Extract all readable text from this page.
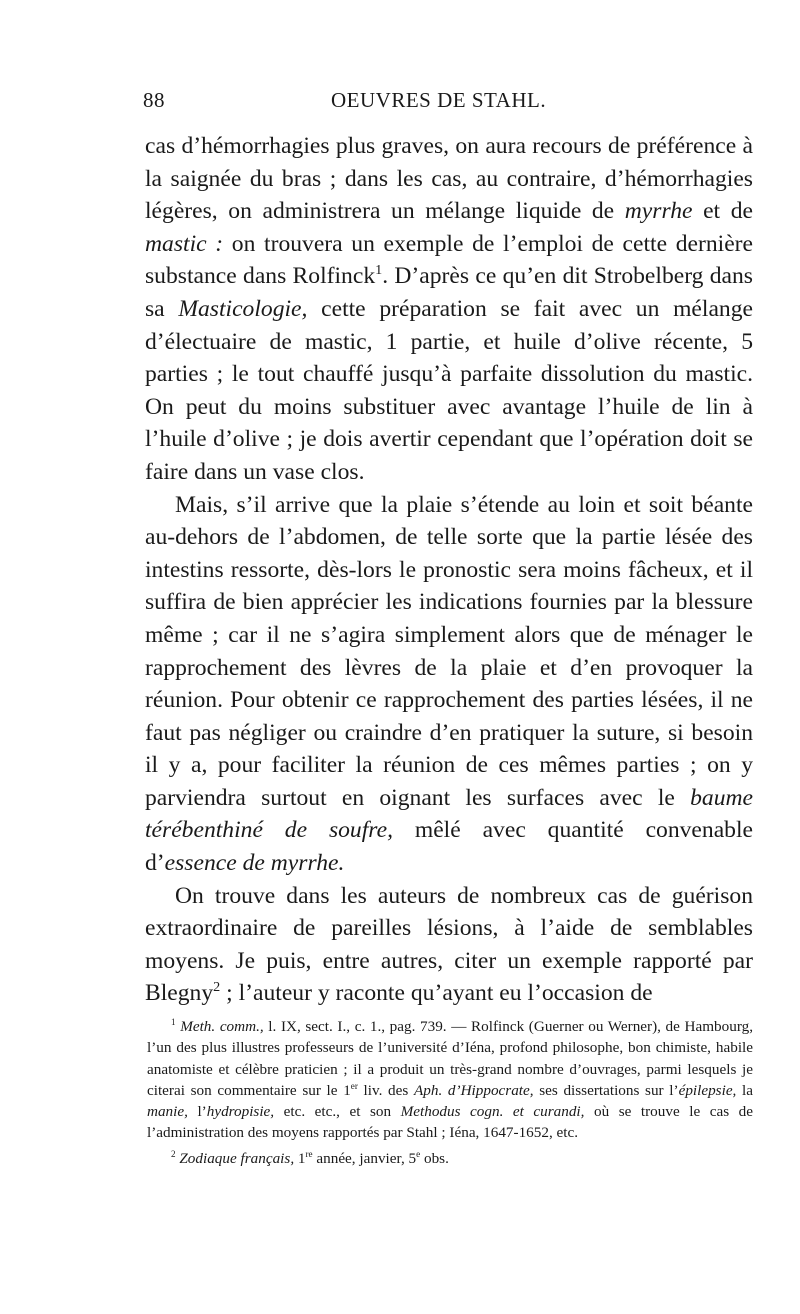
88	OEUVRES DE STAHL.

cas d’hémorrhagies plus graves, on aura recours de préférence à la saignée du bras ; dans les cas, au contraire, d’hémorrhagies légères, on administrera un mélange liquide de myrrhe et de mastic : on trouvera un exemple de l’emploi de cette dernière substance dans Rolfinck$^1$. D’après ce qu’en dit Strobelberg dans sa Masticologie, cette préparation se fait avec un mélange d’électuaire de mastic, 1 partie, et huile d’olive récente, 5 parties ; le tout chauffé jusqu’à parfaite dissolution du mastic. On peut du moins substituer avec avantage l’huile de lin à l’huile d’olive ; je dois avertir cependant que l’opération doit se faire dans un vase clos.

Mais, s’il arrive que la plaie s’étende au loin et soit béante au-dehors de l’abdomen, de telle sorte que la partie lésée des intestins ressorte, dès-lors le pronostic sera moins fâcheux, et il suffira de bien apprécier les indications fournies par la blessure même ; car il ne s’agira simplement alors que de ménager le rapprochement des lèvres de la plaie et d’en provoquer la réunion. Pour obtenir ce rapprochement des parties lésées, il ne faut pas négliger ou craindre d’en pratiquer la suture, si besoin il y a, pour faciliter la réunion de ces mêmes parties ; on y parviendra surtout en oignant les surfaces avec le baume térébenthiné de soufre, mêlé avec quantité convenable d’essence de myrrhe.

On trouve dans les auteurs de nombreux cas de guérison extraordinaire de pareilles lésions, à l’aide de semblables moyens. Je puis, entre autres, citer un exemple rapporté par Blegny$^2$ ; l’auteur y raconte qu’ayant eu l’occasion de

$^1$ Meth. comm., l. IX, sect. I., c. 1., pag. 739. — Rolfinck (Guerner ou Werner), de Hambourg, l’un des plus illustres professeurs de l’université d’Iéna, profond philosophe, bon chimiste, habile anatomiste et célèbre praticien ; il a produit un très-grand nombre d’ouvrages, parmi lesquels je citerai son commentaire sur le 1er liv. des Aph. d’Hippocrate, ses dissertations sur l’épilepsie, la manie, l’hydropisie, etc. etc., et son Methodus cogn. et curandi, où se trouve le cas de l’administration des moyens rapportés par Stahl ; Iéna, 1647-1652, etc.

$^2$ Zodiaque français, 1re année, janvier, 5e obs.
